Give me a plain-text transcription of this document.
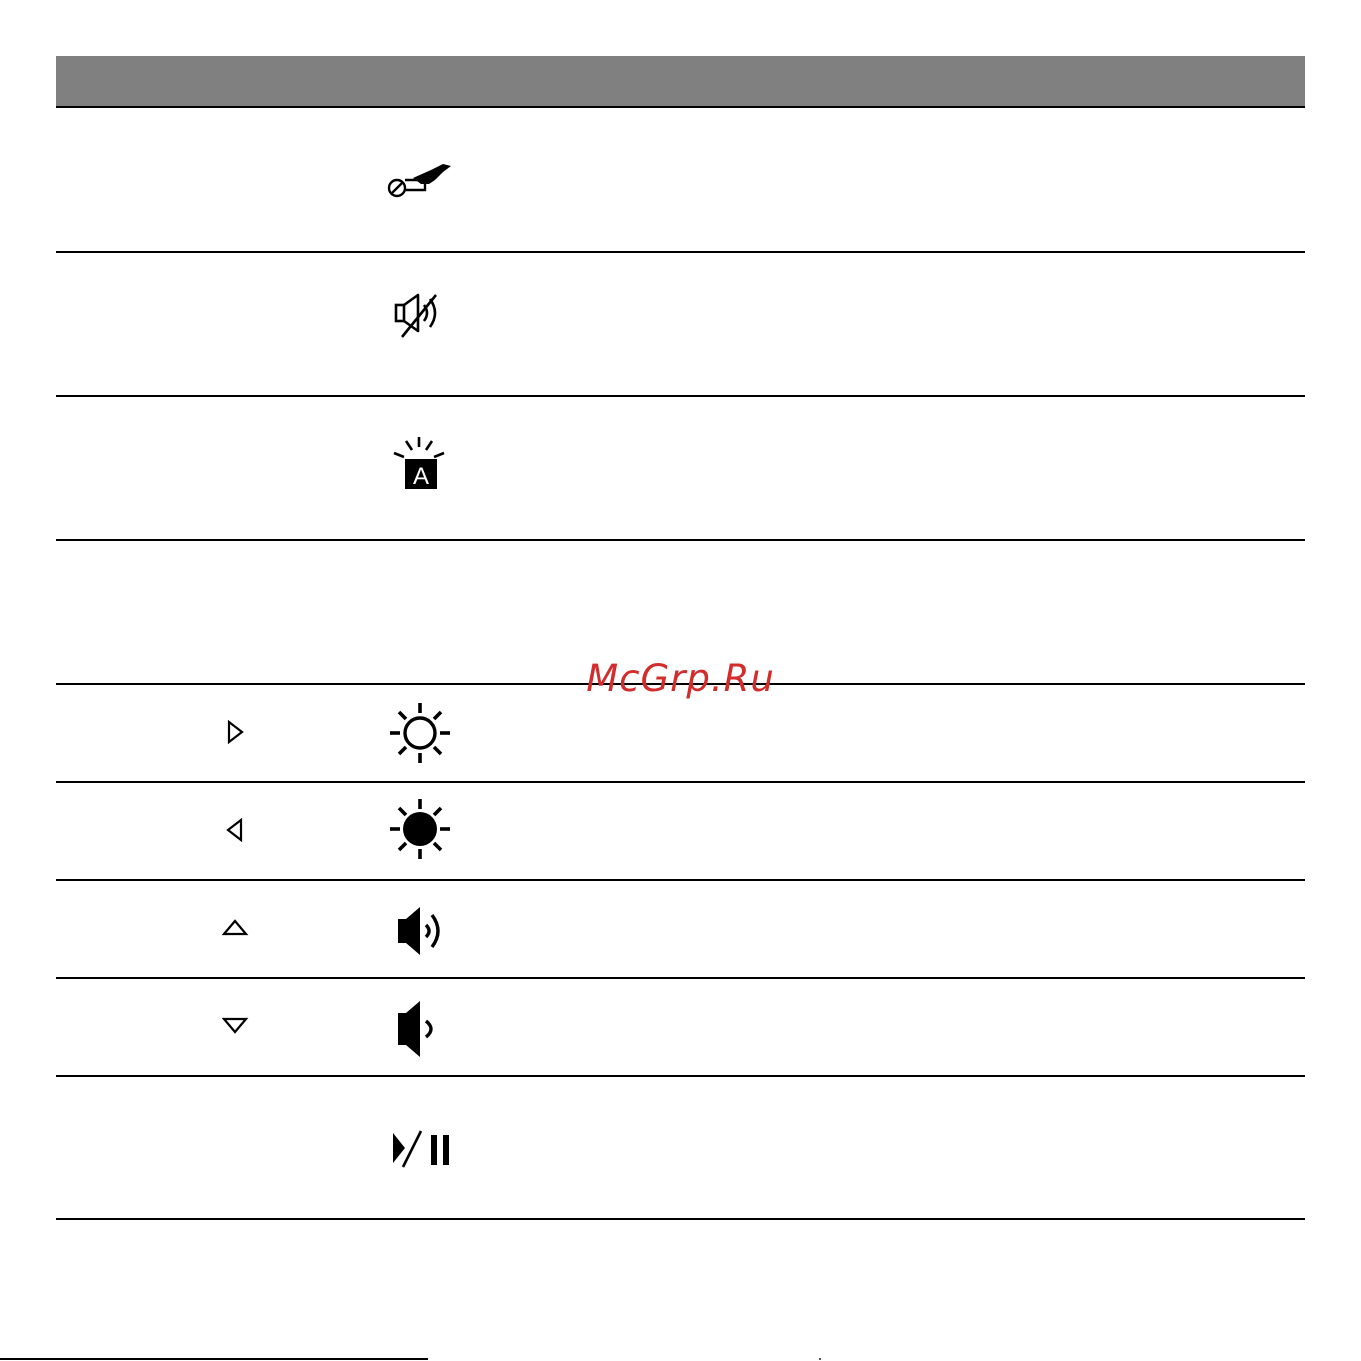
A
McGrp.Ru
